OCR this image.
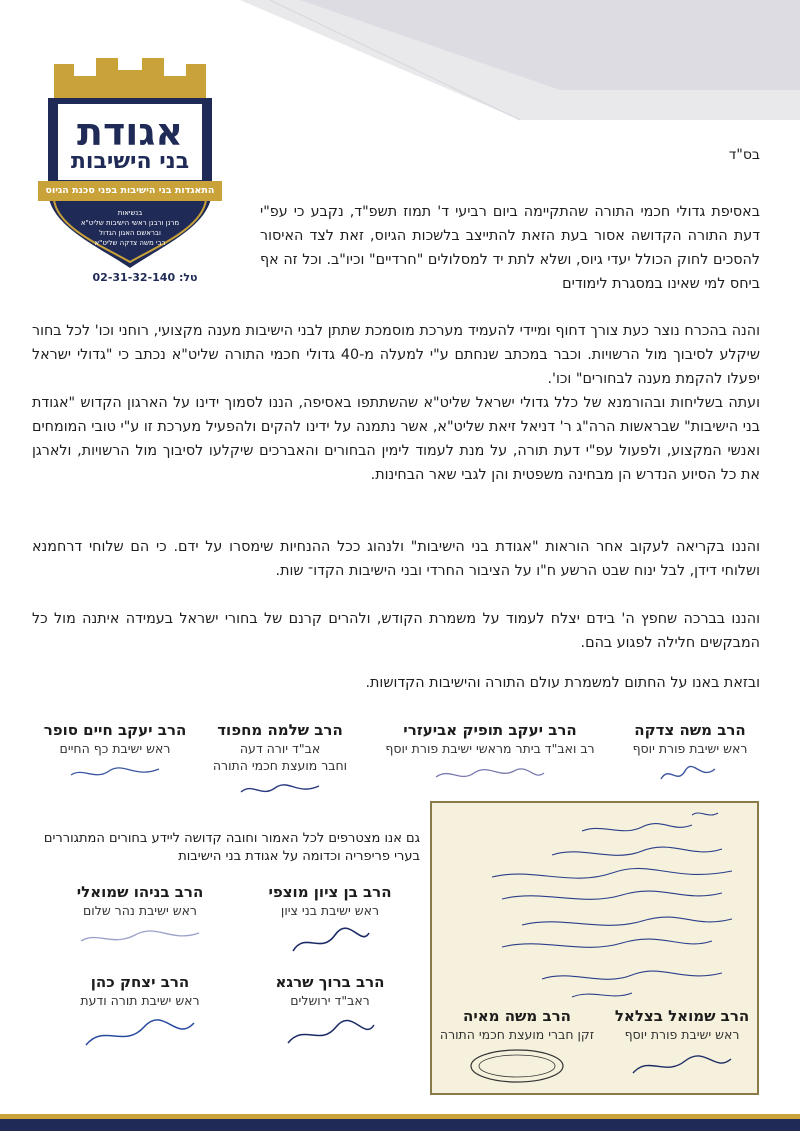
אגודת
בני הישיבות
התאגדות בני הישיבות בפני סכנת הגיוס
בנשיאות
מרנן ורבנן ראשי הישיבות שליט"א
ובראשם האגון הגדול
רבי משה צדקה שליט"א
טל: 02-31-32-140
בס"ד
באסיפת גדולי חכמי התורה שהתקיימה ביום רביעי ד' תמוז תשפ"ד, נקבע כי עפ"י דעת התורה הקדושה אסור בעת הזאת להתייצב בלשכות הגיוס, זאת לצד האיסור להסכים לחוק הכולל יעדי גיוס, ושלא לתת יד למסלולים "חרדיים" וכיו"ב. וכל זה אף ביחס למי שאינו במסגרת לימודים
והנה בהכרח נוצר כעת צורך דחוף ומיידי להעמיד מערכת מוסמכת שתתן לבני הישיבות מענה מקצועי, רוחני וכו' לכל בחור שיקלע לסיבוך מול הרשויות. וכבר במכתב שנחתם ע"י למעלה מ-40 גדולי חכמי התורה שליט"א נכתב כי "גדולי ישראל יפעלו להקמת מענה לבחורים" וכו'.
ועתה בשליחות ובהורמנא של כלל גדולי ישראל שליט"א שהשתתפו באסיפה, הננו לסמוך ידינו על הארגון הקדוש "אגודת בני הישיבות" שבראשות הרה"ג ר' דניאל זיאת שליט"א, אשר נתמנה על ידינו להקים ולהפעיל מערכת זו ע"י טובי המומחים ואנשי המקצוע, ולפעול עפ"י דעת תורה, על מנת לעמוד לימין הבחורים והאברכים שיקלעו לסיבוך מול הרשויות, ולארגן את כל הסיוע הנדרש הן מבחינה משפטית והן לגבי שאר הבחינות.
והננו בקריאה לעקוב אחר הוראות "אגודת בני הישיבות" ולנהוג ככל ההנחיות שימסרו על ידם. כי הם שלוחי דרחמנא ושלוחי דידן, לבל ינוח שבט הרשע ח"ו על הציבור החרדי ובני הישיבות הקדו־ שות.
והננו בברכה שחפץ ה' בידם יצלח לעמוד על משמרת הקודש, ולהרים קרנם של בחורי ישראל בעמידה איתנה מול כל המבקשים חלילה לפגוע בהם.
ובזאת באנו על החתום למשמרת עולם התורה והישיבות הקדושות.
הרב משה צדקה
ראש ישיבת פורת יוסף
הרב יעקב תופיק אביעזרי
רב ואב"ד ביתר מראשי ישיבת פורת יוסף
הרב שלמה מחפוד
אב"ד יורה דעה
וחבר מועצת חכמי התורה
הרב יעקב חיים סופר
ראש ישיבת כף החיים
גם אנו מצטרפים לכל האמור וחובה קדושה ליידע בחורים המתגוררים בערי פריפריה וכדומה על אגודת בני הישיבות
הרב בן ציון מוצפי
ראש ישיבת בני ציון
הרב בניהו שמואלי
ראש ישיבת נהר שלום
הרב ברוך שרגא
ראב"ד ירושלים
הרב יצחק כהן
ראש ישיבת תורה ודעת
הרב שמואל בצלאל
ראש ישיבת פורת יוסף
הרב משה מאיה
זקן חברי מועצת חכמי התורה
